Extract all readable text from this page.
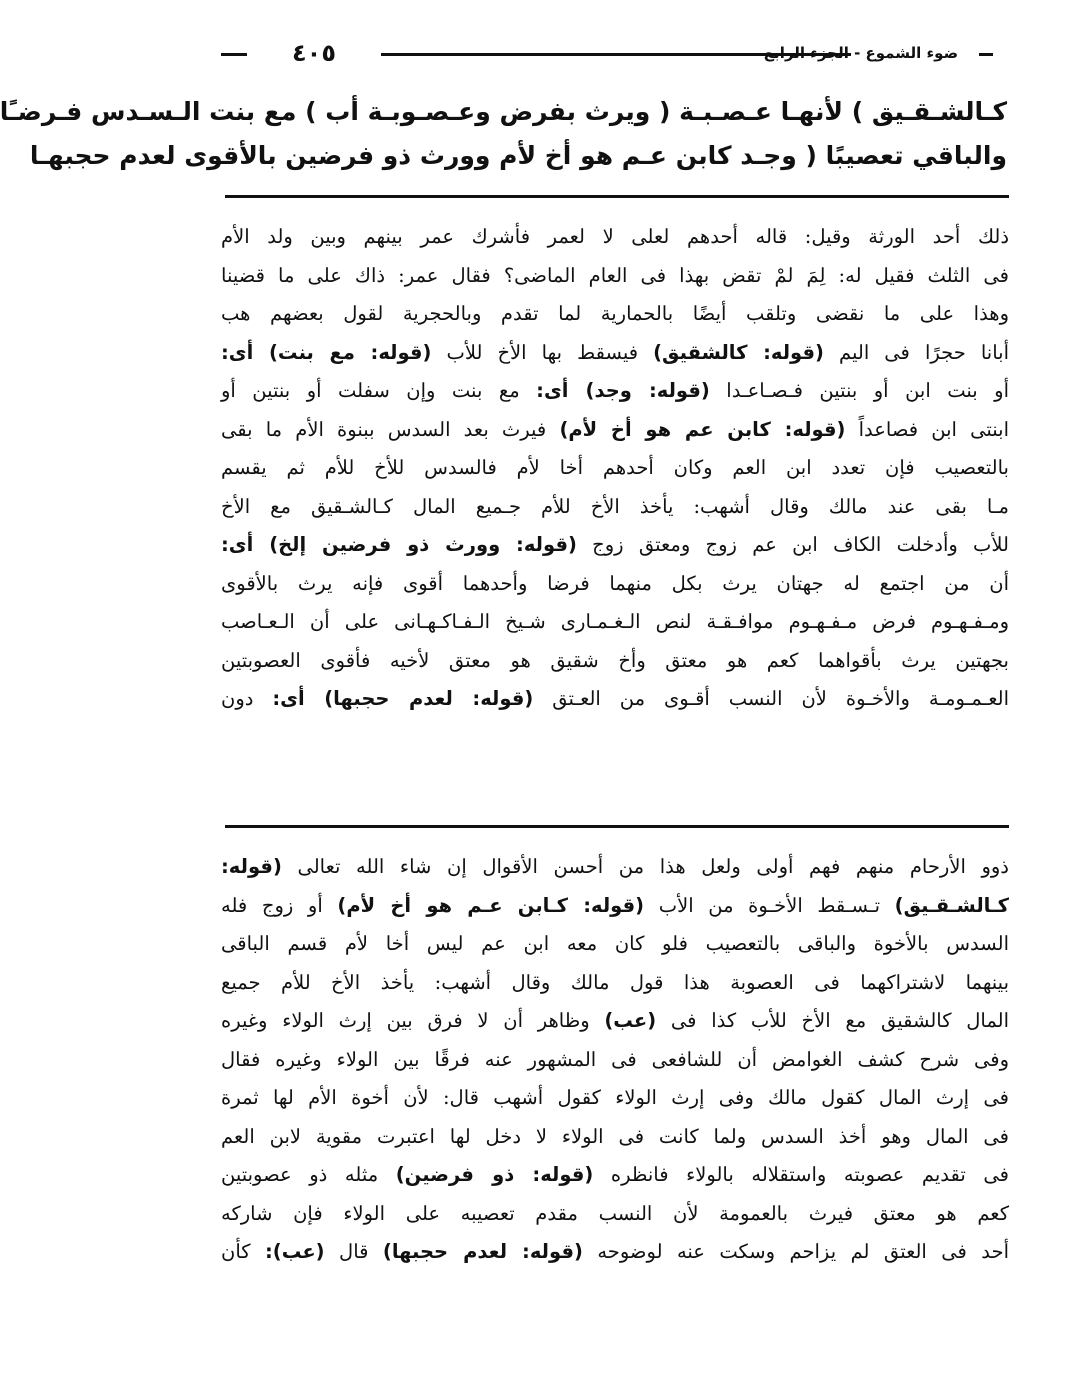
٤٠٥	ضوء الشموع - الجزء الرابع
كـالشـقـيق ) لأنهـا عـصـبـة ( ويرث بفرض وعـصـوبـة أب ) مع بنت الـسـدس فـرضـًا
والباقي تعصيبًا ( وجـد كابن عـم هو أخ لأم وورث ذو فرضين بالأقوى لعدم حجبهـا
ذلك أحد الورثة وقيل: قاله أحدهم لعلى لا لعمر فأشرك عمر بينهم وبين ولد الأم
فى الثلث فقيل له: لِمَ لمْ تقض بهذا فى العام الماضى؟ فقال عمر: ذاك على ما قضينا
وهذا على ما نقضى وتلقب أيضًا بالحمارية لما تقدم وبالحجرية لقول بعضهم هب
أبانا حجرًا فى اليم (قوله: كالشقيق) فيسقط بها الأخ للأب (قوله: مع بنت) أى:
أو بنت ابن أو بنتين فـصـاعـدا (قوله: وجد) أى: مع بنت وإن سفلت أو بنتين أو
ابنتى ابن فصاعداً (قوله: كابن عم هو أخ لأم) فيرث بعد السدس ببنوة الأم ما بقى
بالتعصيب فإن تعدد ابن العم وكان أحدهم أخا لأم فالسدس للأخ للأم ثم يقسم
مـا بقى عند مالك وقال أشهب: يأخذ الأخ للأم جـميع المال كـالشـقيق مع الأخ
للأب وأدخلت الكاف ابن عم زوج ومعتق زوج (قوله: وورث ذو فرضين إلخ) أى:
أن من اجتمع له جهتان يرث بكل منهما فرضا وأحدهما أقوى فإنه يرث بالأقوى
ومـفـهـوم فرض مـفـهـوم موافـقـة لنص الـغـمـارى شـيخ الـفـاكـهـانى على أن الـعـاصب
بجهتين يرث بأقواهما كعم هو معتق وأخ شقيق هو معتق لأخيه فأقوى العصوبتين
العـمـومـة والأخـوة لأن النسب أقـوى من العـتق (قوله: لعدم حجبها) أى: دون
ذوو الأرحام منهم فهم أولى ولعل هذا من أحسن الأقوال إن شاء الله تعالى (قوله:
كـالشـقـيق) تـسـقط الأخـوة من الأب (قوله: كـابن عـم هو أخ لأم) أو زوج فله
السدس بالأخوة والباقى بالتعصيب فلو كان معه ابن عم ليس أخا لأم قسم الباقى
بينهما لاشتراكهما فى العصوبة هذا قول مالك وقال أشهب: يأخذ الأخ للأم جميع
المال كالشقيق مع الأخ للأب كذا فى (عب) وظاهر أن لا فرق بين إرث الولاء وغيره
وفى شرح كشف الغوامض أن للشافعى فى المشهور عنه فرقًا بين الولاء وغيره فقال
فى إرث المال كقول مالك وفى إرث الولاء كقول أشهب قال: لأن أخوة الأم لها ثمرة
فى المال وهو أخذ السدس ولما كانت فى الولاء لا دخل لها اعتبرت مقوية لابن العم
فى تقديم عصوبته واستقلاله بالولاء فانظره (قوله: ذو فرضين) مثله ذو عصوبتين
كعم هو معتق فيرث بالعمومة لأن النسب مقدم تعصيبه على الولاء فإن شاركه
أحد فى العتق لم يزاحم وسكت عنه لوضوحه (قوله: لعدم حجبها) قال (عب): كأن
